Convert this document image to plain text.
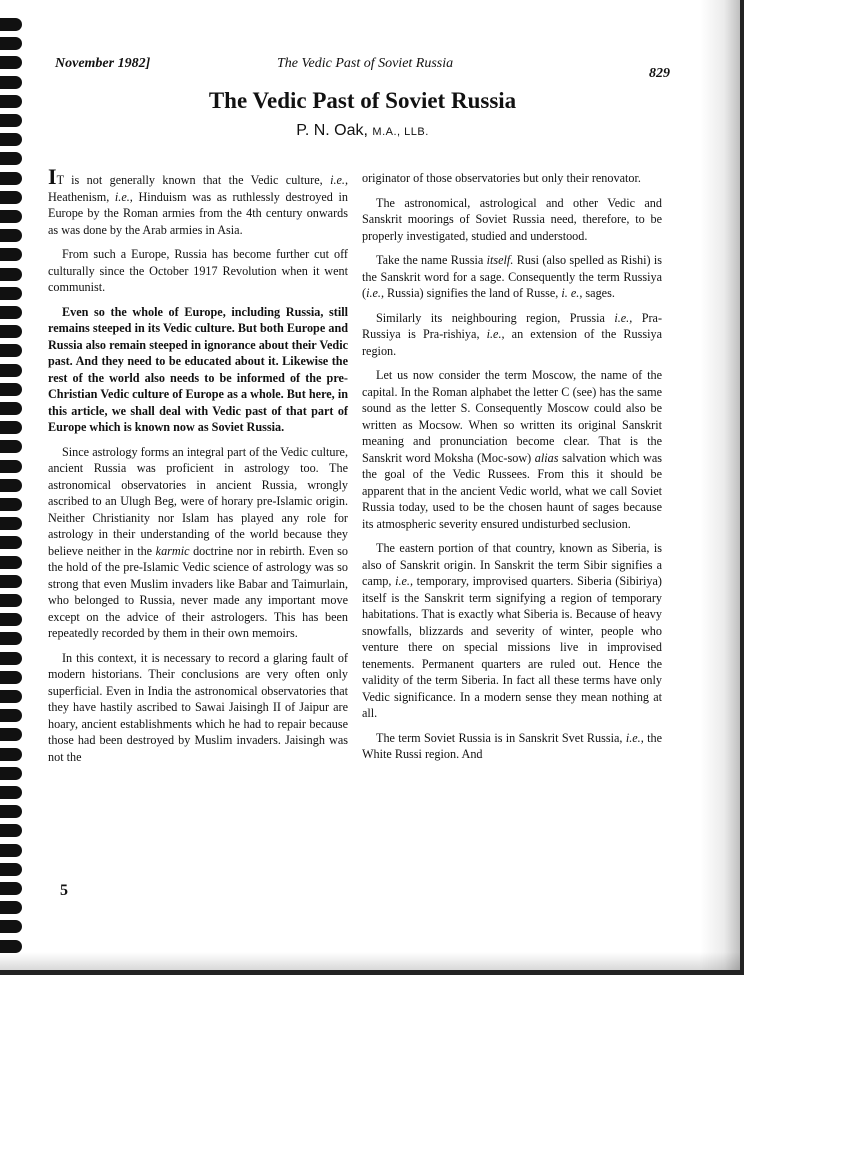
November 1982]	The Vedic Past of Soviet Russia
829
The Vedic Past of Soviet Russia
P. N. Oak, M.A., LLB.

IT is not generally known that the Vedic culture, i.e., Heathenism, i.e., Hinduism was as ruthlessly destroyed in Europe by the Roman armies from the 4th century onwards as was done by the Arab armies in Asia.

From such a Europe, Russia has become further cut off culturally since the October 1917 Revolution when it went communist.

Even so the whole of Europe, including Russia, still remains steeped in its Vedic culture. But both Europe and Russia also remain steeped in ignorance about their Vedic past. And they need to be educated about it. Likewise the rest of the world also needs to be informed of the pre-Christian Vedic culture of Europe as a whole. But here, in this article, we shall deal with Vedic past of that part of Europe which is known now as Soviet Russia.

Since astrology forms an integral part of the Vedic culture, ancient Russia was proficient in astrology too. The astronomical observatories in ancient Russia, wrongly ascribed to an Ulugh Beg, were of horary pre-Islamic origin. Neither Christianity nor Islam has played any role for astrology in their understanding of the world because they believe neither in the karmic doctrine nor in rebirth. Even so the hold of the pre-Islamic Vedic science of astrology was so strong that even Muslim invaders like Babar and Taimurlain, who belonged to Russia, never made any important move except on the advice of their astrologers. This has been repeatedly recorded by them in their own memoirs.

In this context, it is necessary to record a glaring fault of modern historians. Their conclusions are very often only superficial. Even in India the astronomical observatories that they have hastily ascribed to Sawai Jaisingh II of Jaipur are hoary, ancient establishments which he had to repair because those had been destroyed by Muslim invaders. Jaisingh was not the

originator of those observatories but only their renovator.

The astronomical, astrological and other Vedic and Sanskrit moorings of Soviet Russia need, therefore, to be properly investigated, studied and understood.

Take the name Russia itself. Rusi (also spelled as Rishi) is the Sanskrit word for a sage. Consequently the term Russiya (i.e., Russia) signifies the land of Russe, i. e., sages.

Similarly its neighbouring region, Prussia i.e., Pra-Russiya is Pra-rishiya, i.e., an extension of the Russiya region.

Let us now consider the term Moscow, the name of the capital. In the Roman alphabet the letter C (see) has the same sound as the letter S. Consequently Moscow could also be written as Mocsow. When so written its original Sanskrit meaning and pronunciation become clear. That is the Sanskrit word Moksha (Moc-sow) alias salvation which was the goal of the Vedic Russees. From this it should be apparent that in the ancient Vedic world, what we call Soviet Russia today, used to be the chosen haunt of sages because its atmospheric severity ensured undisturbed seclusion.

The eastern portion of that country, known as Siberia, is also of Sanskrit origin. In Sanskrit the term Sibir signifies a camp, i.e., temporary, improvised quarters. Siberia (Sibiriya) itself is the Sanskrit term signifying a region of temporary habitations. That is exactly what Siberia is. Because of heavy snowfalls, blizzards and severity of winter, people who venture there on special missions live in improvised tenements. Permanent quarters are ruled out. Hence the validity of the term Siberia. In fact all these terms have only Vedic significance. In a modern sense they mean nothing at all.

The term Soviet Russia is in Sanskrit Svet Russia, i.e., the White Russi region. And

5
